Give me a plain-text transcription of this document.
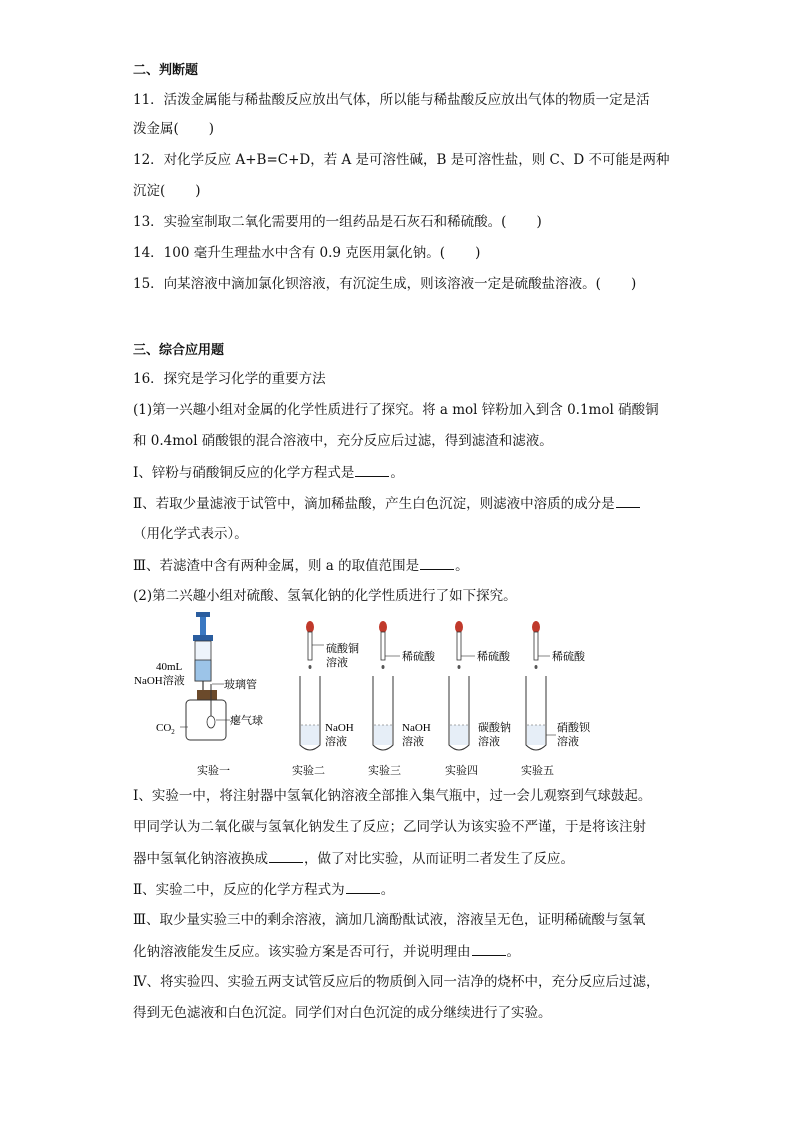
二、判断题
11．活泼金属能与稀盐酸反应放出气体，所以能与稀盐酸反应放出气体的物质一定是活
泼金属( )
12．对化学反应 A+B=C+D，若 A 是可溶性碱，B 是可溶性盐，则 C、D 不可能是两种
沉淀( )
13．实验室制取二氧化需要用的一组药品是石灰石和稀硫酸。( )
14．100 毫升生理盐水中含有 0.9 克医用氯化钠。( )
15．向某溶液中滴加氯化钡溶液，有沉淀生成，则该溶液一定是硫酸盐溶液。( )
三、综合应用题
16．探究是学习化学的重要方法
(1)第一兴趣小组对金属的化学性质进行了探究。将 a mol 锌粉加入到含 0.1mol 硝酸铜
和 0.4mol 硝酸银的混合溶液中，充分反应后过滤，得到滤渣和滤液。
Ⅰ、锌粉与硝酸铜反应的化学方程式是	。
Ⅱ、若取少量滤液于试管中，滴加稀盐酸，产生白色沉淀，则滤液中溶质的成分是
（用化学式表示）。
Ⅲ、若滤渣中含有两种金属，则 a 的取值范围是	。
(2)第二兴趣小组对硫酸、氢氧化钠的化学性质进行了如下探究。
40mL
NaOH溶液	玻璃管
瘪气球
$CO_2$
硫酸铜
溶液
NaOH
溶液
稀硫酸
NaOH
溶液
稀硫酸
碳酸钠
溶液
稀硫酸
硝酸钡
溶液
实验一	实验二	实验三	实验四	实验五
Ⅰ、实验一中，将注射器中氢氧化钠溶液全部推入集气瓶中，过一会儿观察到气球鼓起。
甲同学认为二氧化碳与氢氧化钠发生了反应；乙同学认为该实验不严谨，于是将该注射
器中氢氧化钠溶液换成	，做了对比实验，从而证明二者发生了反应。
Ⅱ、实验二中，反应的化学方程式为	。
Ⅲ、取少量实验三中的剩余溶液，滴加几滴酚酞试液，溶液呈无色，证明稀硫酸与氢氧
化钠溶液能发生反应。该实验方案是否可行，并说明理由	。
Ⅳ、将实验四、实验五两支试管反应后的物质倒入同一洁净的烧杯中，充分反应后过滤，
得到无色滤液和白色沉淀。同学们对白色沉淀的成分继续进行了实验。
